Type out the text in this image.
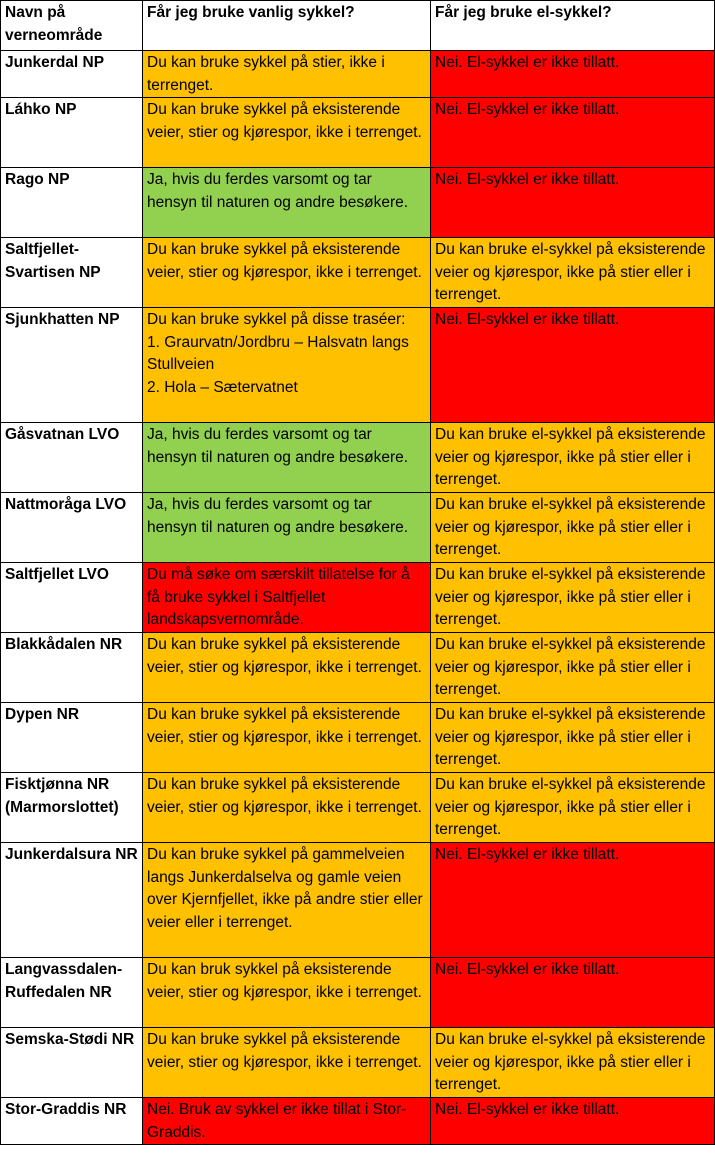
Navn på verneområde	Får jeg bruke vanlig sykkel?	Får jeg bruke el-sykkel?

Junkerdal NP	Du kan bruke sykkel på stier, ikke i terrenget.	Nei. El-sykkel er ikke tillatt.

Láhko NP	Du kan bruke sykkel på eksisterende veier, stier og kjørespor, ikke i terrenget.	Nei. El-sykkel er ikke tillatt.

Rago NP	Ja, hvis du ferdes varsomt og tar hensyn til naturen og andre besøkere.	Nei. El-sykkel er ikke tillatt.

Saltfjellet-Svartisen NP	Du kan bruke sykkel på eksisterende veier, stier og kjørespor, ikke i terrenget.	Du kan bruke el-sykkel på eksisterende veier og kjørespor, ikke på stier eller i terrenget.

Sjunkhatten NP	Du kan bruke sykkel på disse traséer:
1. Graurvatn/Jordbru – Halsvatn langs Stullveien
2. Hola – Sætervatnet	Nei. El-sykkel er ikke tillatt.

Gåsvatnan LVO	Ja, hvis du ferdes varsomt og tar hensyn til naturen og andre besøkere.	Du kan bruke el-sykkel på eksisterende veier og kjørespor, ikke på stier eller i terrenget.

Nattmoråga LVO	Ja, hvis du ferdes varsomt og tar hensyn til naturen og andre besøkere.	Du kan bruke el-sykkel på eksisterende veier og kjørespor, ikke på stier eller i terrenget.

Saltfjellet LVO	Du må søke om særskilt tillatelse for å få bruke sykkel i Saltfjellet landskapsvernområde.	Du kan bruke el-sykkel på eksisterende veier og kjørespor, ikke på stier eller i terrenget.

Blakkådalen NR	Du kan bruke sykkel på eksisterende veier, stier og kjørespor, ikke i terrenget.	Du kan bruke el-sykkel på eksisterende veier og kjørespor, ikke på stier eller i terrenget.

Dypen NR	Du kan bruke sykkel på eksisterende veier, stier og kjørespor, ikke i terrenget.	Du kan bruke el-sykkel på eksisterende veier og kjørespor, ikke på stier eller i terrenget.

Fisktjønna NR (Marmorslottet)	Du kan bruke sykkel på eksisterende veier, stier og kjørespor, ikke i terrenget.	Du kan bruke el-sykkel på eksisterende veier og kjørespor, ikke på stier eller i terrenget.

Junkerdalsura NR	Du kan bruke sykkel på gammelveien langs Junkerdalselva og gamle veien over Kjernfjellet, ikke på andre stier eller veier eller i terrenget.	Nei. El-sykkel er ikke tillatt.

Langvassdalen-Ruffedalen NR	Du kan bruk sykkel på eksisterende veier, stier og kjørespor, ikke i terrenget.	Nei. El-sykkel er ikke tillatt.

Semska-Stødi NR	Du kan bruke sykkel på eksisterende veier, stier og kjørespor, ikke i terrenget.	Du kan bruke el-sykkel på eksisterende veier og kjørespor, ikke på stier eller i terrenget.

Stor-Graddis NR	Nei. Bruk av sykkel er ikke tillat i Stor-Graddis.	Nei. El-sykkel er ikke tillatt.
